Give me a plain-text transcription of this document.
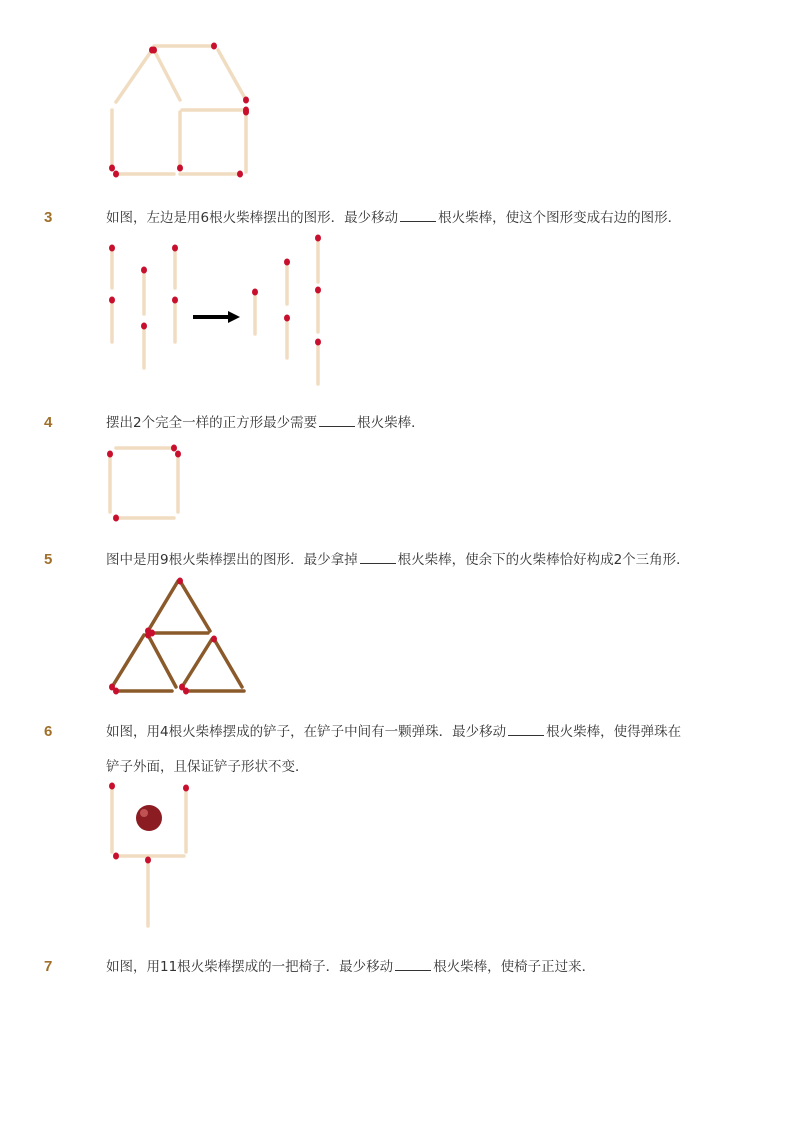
3	如图，左边是用6根火柴棒摆出的图形．最少移动	根火柴棒，使这个图形变成右边的图形．
4	摆出2个完全一样的正方形最少需要	根火柴棒．
5	图中是用9根火柴棒摆出的图形．最少拿掉	根火柴棒，使余下的火柴棒恰好构成2个三角形．
6	如图，用4根火柴棒摆成的铲子，在铲子中间有一颗弹珠．最少移动	根火柴棒，使得弹珠在
铲子外面，且保证铲子形状不变．
7	如图，用11根火柴棒摆成的一把椅子．最少移动	根火柴棒，使椅子正过来．
